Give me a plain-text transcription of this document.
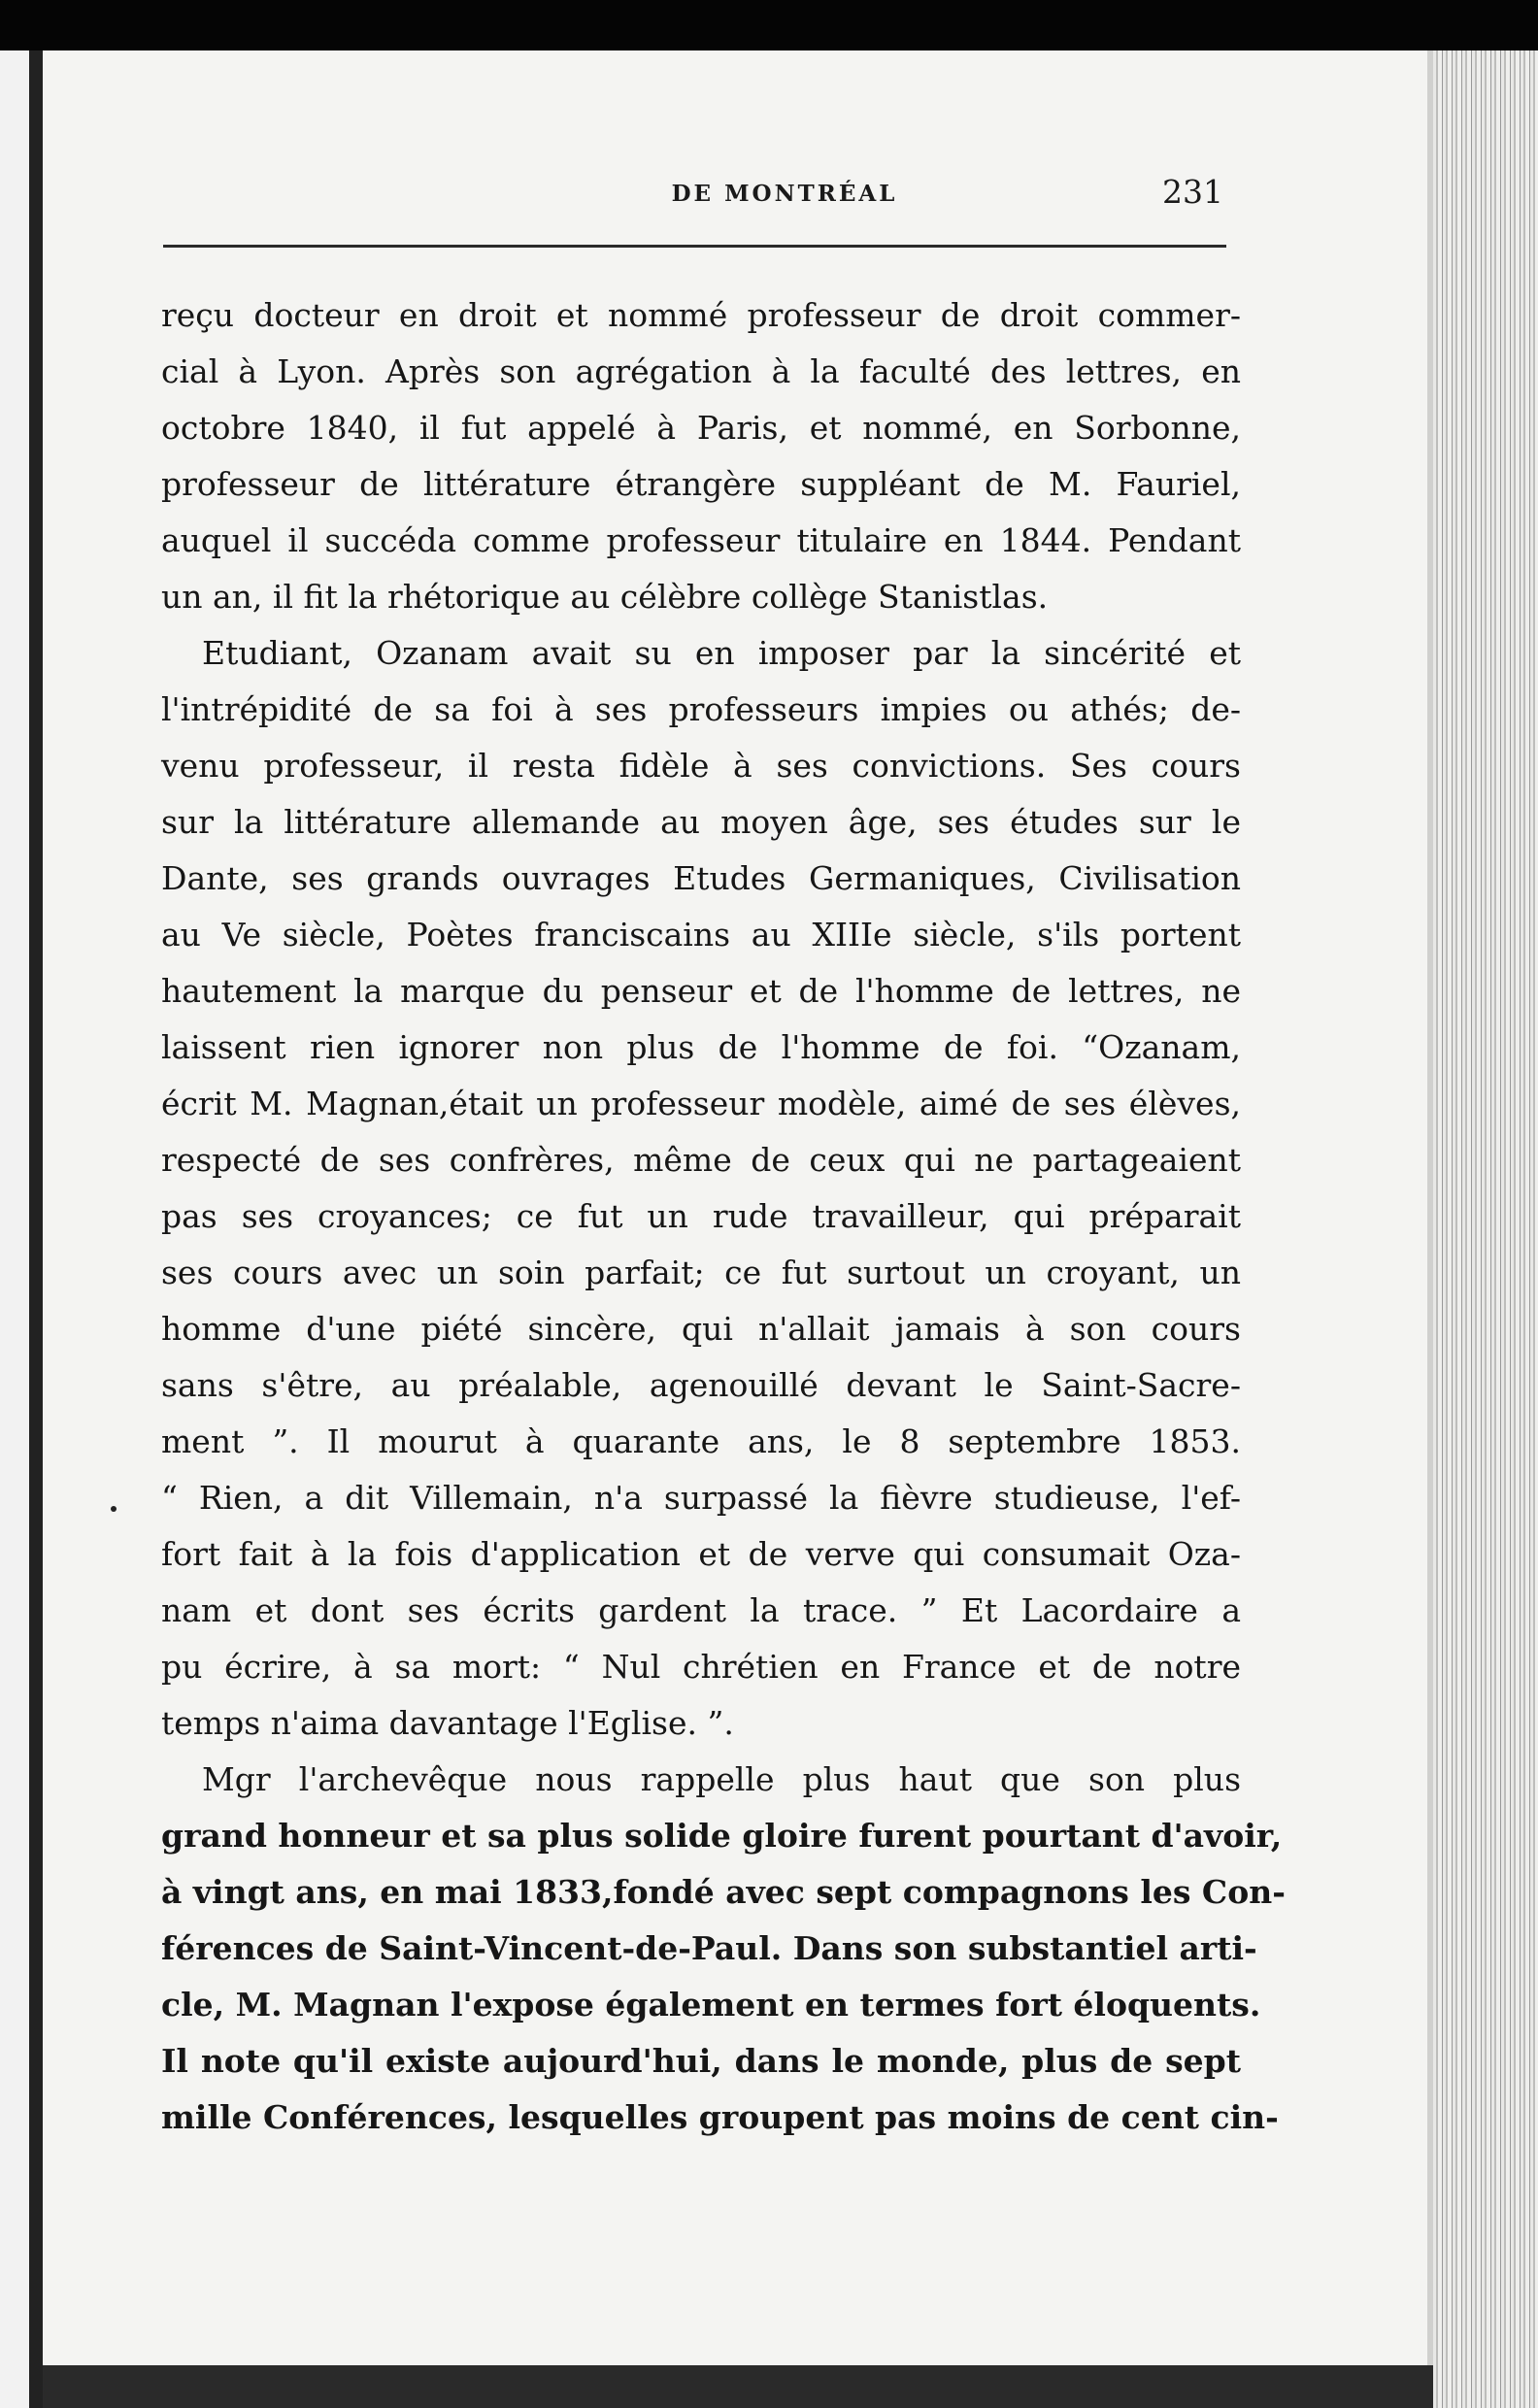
DE MONTRÉAL	231
reçu docteur en droit et nommé professeur de droit commer-
cial à Lyon. Après son agrégation à la faculté des lettres, en
octobre 1840, il fut appelé à Paris, et nommé, en Sorbonne,
professeur de littérature étrangère suppléant de M. Fauriel,
auquel il succéda comme professeur titulaire en 1844. Pendant
un an, il fit la rhétorique au célèbre collège Stanistlas.
Etudiant, Ozanam avait su en imposer par la sincérité et
l'intrépidité de sa foi à ses professeurs impies ou athés; de-
venu professeur, il resta fidèle à ses convictions. Ses cours
sur la littérature allemande au moyen âge, ses études sur le
Dante, ses grands ouvrages Etudes Germaniques, Civilisation
au Ve siècle, Poètes franciscains au XIIIe siècle, s'ils portent
hautement la marque du penseur et de l'homme de lettres, ne
laissent rien ignorer non plus de l'homme de foi. “Ozanam,
écrit M. Magnan,était un professeur modèle, aimé de ses élèves,
respecté de ses confrères, même de ceux qui ne partageaient
pas ses croyances; ce fut un rude travailleur, qui préparait
ses cours avec un soin parfait; ce fut surtout un croyant, un
homme d'une piété sincère, qui n'allait jamais à son cours
sans s'être, au préalable, agenouillé devant le Saint-Sacre-
ment ”. Il mourut à quarante ans, le 8 septembre 1853.
“ Rien, a dit Villemain, n'a surpassé la fièvre studieuse, l'ef-
fort fait à la fois d'application et de verve qui consumait Oza-
nam et dont ses écrits gardent la trace. ” Et Lacordaire a
pu écrire, à sa mort: “ Nul chrétien en France et de notre
temps n'aima davantage l'Eglise. ”.
Mgr l'archevêque nous rappelle plus haut que son plus
grand honneur et sa plus solide gloire furent pourtant d'avoir,
à vingt ans, en mai 1833,fondé avec sept compagnons les Con-
férences de Saint-Vincent-de-Paul. Dans son substantiel arti-
cle, M. Magnan l'expose également en termes fort éloquents.
Il note qu'il existe aujourd'hui, dans le monde, plus de sept
mille Conférences, lesquelles groupent pas moins de cent cin-
